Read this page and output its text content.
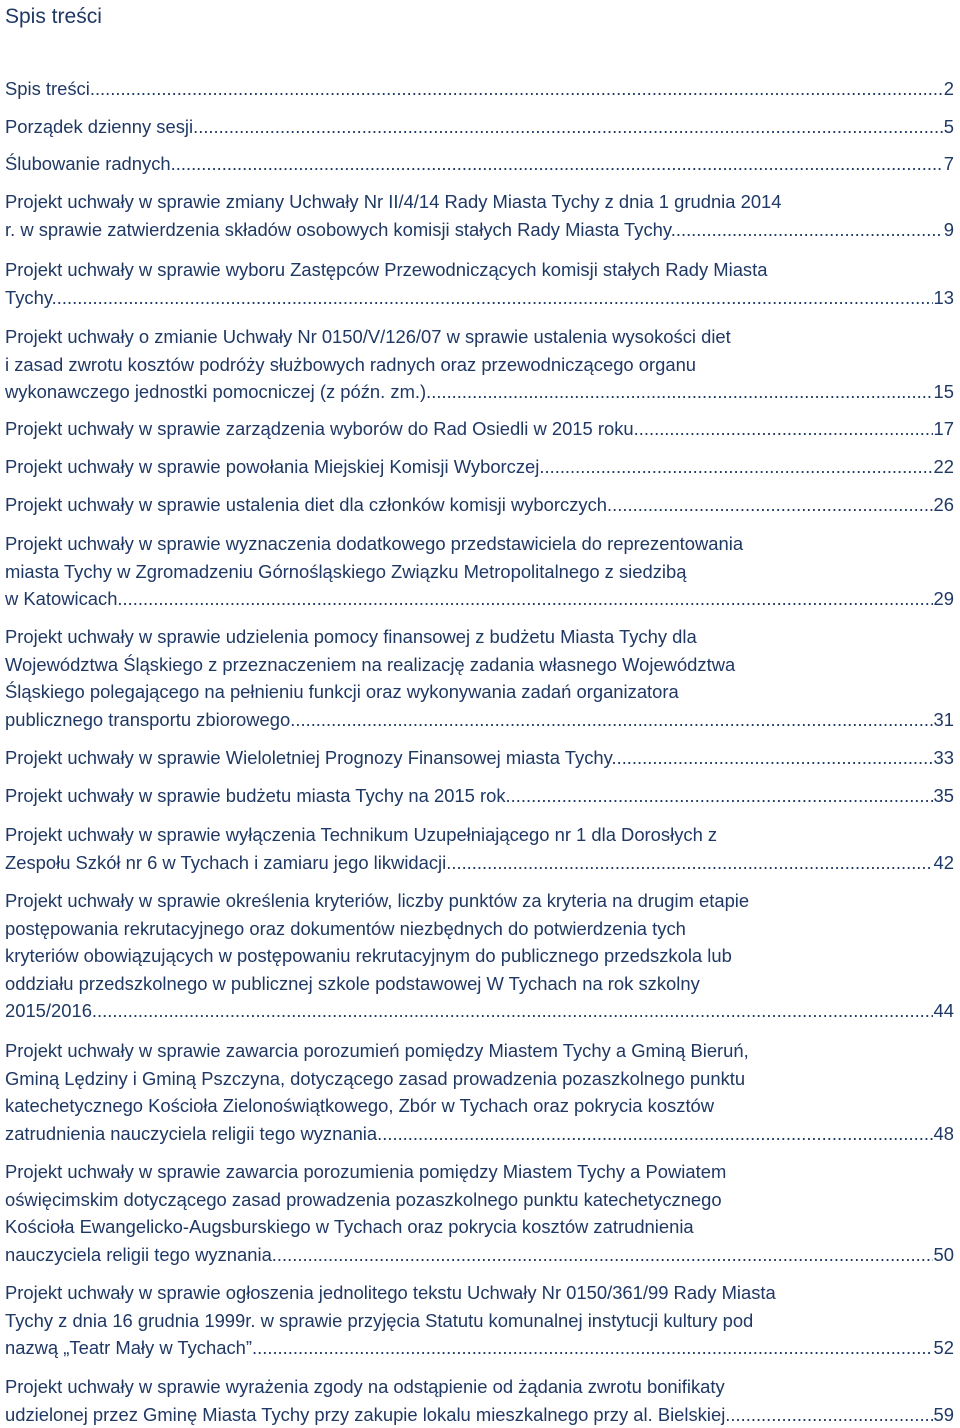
Spis treści
Spis treści. .....	2
Porządek dzienny sesji. .....	5
Ślubowanie radnych. .....	7
Projekt uchwały w sprawie zmiany Uchwały Nr II/4/14 Rady Miasta Tychy z dnia 1 grudnia 2014
r. w sprawie zatwierdzenia składów osobowych komisji stałych Rady Miasta Tychy. .....	9
Projekt uchwały w sprawie wyboru Zastępców Przewodniczących komisji stałych Rady Miasta
Tychy. .....	13
Projekt uchwały o zmianie Uchwały Nr 0150/V/126/07 w sprawie ustalenia wysokości diet
i zasad zwrotu kosztów podróży służbowych radnych oraz przewodniczącego organu
wykonawczego jednostki pomocniczej (z późn. zm.). .....	15
Projekt uchwały w sprawie zarządzenia wyborów do Rad Osiedli w 2015 roku. .....	17
Projekt uchwały w sprawie powołania Miejskiej Komisji Wyborczej. .....	22
Projekt uchwały w sprawie ustalenia diet dla członków komisji wyborczych. .....	26
Projekt uchwały w sprawie wyznaczenia dodatkowego przedstawiciela do reprezentowania
miasta Tychy w Zgromadzeniu Górnośląskiego Związku Metropolitalnego z siedzibą
w Katowicach. .....	29
Projekt uchwały w sprawie udzielenia pomocy finansowej z budżetu Miasta Tychy dla
Województwa Śląskiego z przeznaczeniem na realizację zadania własnego Województwa
Śląskiego polegającego na pełnieniu funkcji oraz wykonywania zadań organizatora
publicznego transportu zbiorowego. .....	31
Projekt uchwały w sprawie Wieloletniej Prognozy Finansowej miasta Tychy. .....	33
Projekt uchwały w sprawie budżetu miasta Tychy na 2015 rok. .....	35
Projekt uchwały w sprawie wyłączenia Technikum Uzupełniającego nr 1 dla Dorosłych z
Zespołu Szkół nr 6 w Tychach i zamiaru jego likwidacji. .....	42
Projekt uchwały w sprawie określenia kryteriów, liczby punktów za kryteria na drugim etapie
postępowania rekrutacyjnego oraz dokumentów niezbędnych do potwierdzenia tych
kryteriów obowiązujących w postępowaniu rekrutacyjnym do publicznego przedszkola lub
oddziału przedszkolnego w publicznej szkole podstawowej W Tychach na rok szkolny
2015/2016. .....	44
Projekt uchwały w sprawie zawarcia porozumień pomiędzy Miastem Tychy a Gminą Bieruń,
Gminą Lędziny i Gminą Pszczyna, dotyczącego zasad prowadzenia pozaszkolnego punktu
katechetycznego Kościoła Zielonoświątkowego, Zbór w Tychach oraz pokrycia kosztów
zatrudnienia nauczyciela religii tego wyznania. .....	48
Projekt uchwały w sprawie zawarcia porozumienia pomiędzy Miastem Tychy a Powiatem
oświęcimskim dotyczącego zasad prowadzenia pozaszkolnego punktu katechetycznego
Kościoła Ewangelicko-Augsburskiego w Tychach oraz pokrycia kosztów zatrudnienia
nauczyciela religii tego wyznania. .....	50
Projekt uchwały w sprawie ogłoszenia jednolitego tekstu Uchwały Nr 0150/361/99 Rady Miasta
Tychy z dnia 16 grudnia 1999r. w sprawie przyjęcia Statutu komunalnej instytucji kultury pod
nazwą „Teatr Mały w Tychach”. .....	52
Projekt uchwały w sprawie wyrażenia zgody na odstąpienie od żądania zwrotu bonifikaty
udzielonej przez Gminę Miasta Tychy przy zakupie lokalu mieszkalnego przy al. Bielskiej .....	59
